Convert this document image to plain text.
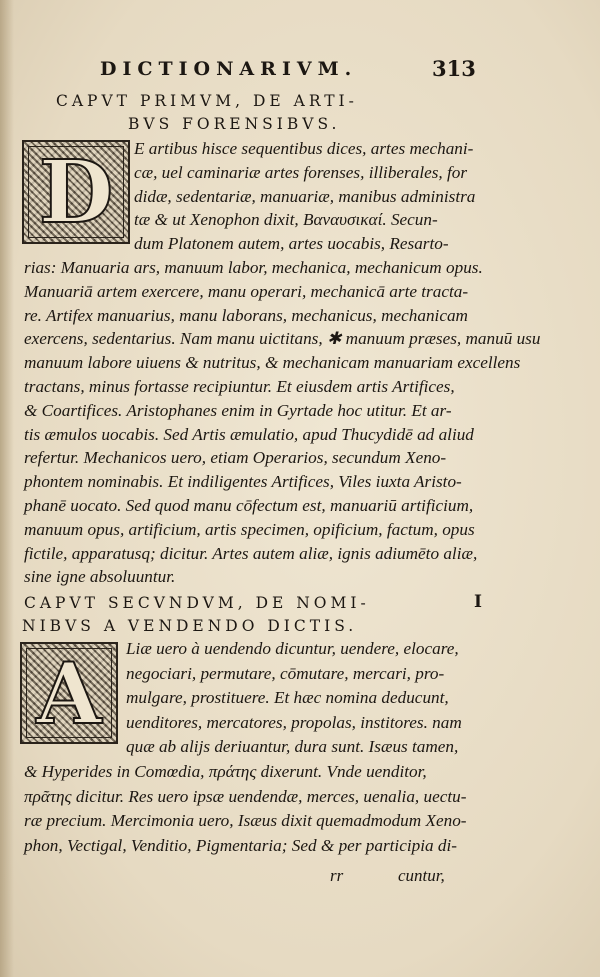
DICTIONARIVM.	313
CAPVT PRIMVM, DE ARTI-
BVS FORENSIBVS.
D	E artibus hisce sequentibus dices, artes mechani-
cæ, uel caminariæ artes forenses, illiberales, for
didæ, sedentariæ, manuariæ, manibus administra
tæ & ut Xenophon dixit, Βαναυσικαί. Secun-
dum Platonem autem, artes uocabis, Resarto-
rias: Manuaria ars, manuum labor, mechanica, mechanicum opus.
Manuariā artem exercere, manu operari, mechanicā arte tracta-
re. Artifex manuarius, manu laborans, mechanicus, mechanicam
exercens, sedentarius. Nam manu uictitans, ✱ manuum præses, manuū usu
manuum labore uiuens & nutritus, & mechanicam manuariam excellens
tractans, minus fortasse recipiuntur. Et eiusdem artis Artifices,
& Coartifices. Aristophanes enim in Gyrtade hoc utitur. Et ar-
tis æmulos uocabis. Sed Artis æmulatio, apud Thucydidē ad aliud
refertur. Mechanicos uero, etiam Operarios, secundum Xeno-
phontem nominabis. Et indiligentes Artifices, Viles iuxta Aristo-
phanē uocato. Sed quod manu cōfectum est, manuariū artificium,
manuum opus, artificium, artis specimen, opificium, factum, opus
fictile, apparatusq; dicitur. Artes autem aliæ, ignis adiumēto aliæ,
sine igne absoluuntur.
CAPVT SECVNDVM, DE NOMI-	I
NIBVS A VENDENDO DICTIS.
A	Liæ uero à uendendo dicuntur, uendere, elocare,
negociari, permutare, cōmutare, mercari, pro-
mulgare, prostituere. Et hæc nomina deducunt,
uenditores, mercatores, propolas, institores. nam
quæ ab alijs deriuantur, dura sunt. Isæus tamen,
& Hyperides in Comœdia, πράτης dixerunt. Vnde uenditor,
πρᾶτης dicitur. Res uero ipsæ uendendæ, merces, uenalia, uectu-
ræ precium. Mercimonia uero, Isæus dixit quemadmodum Xeno-
phon, Vectigal, Venditio, Pigmentaria; Sed & per participia di-
rr	cuntur,
